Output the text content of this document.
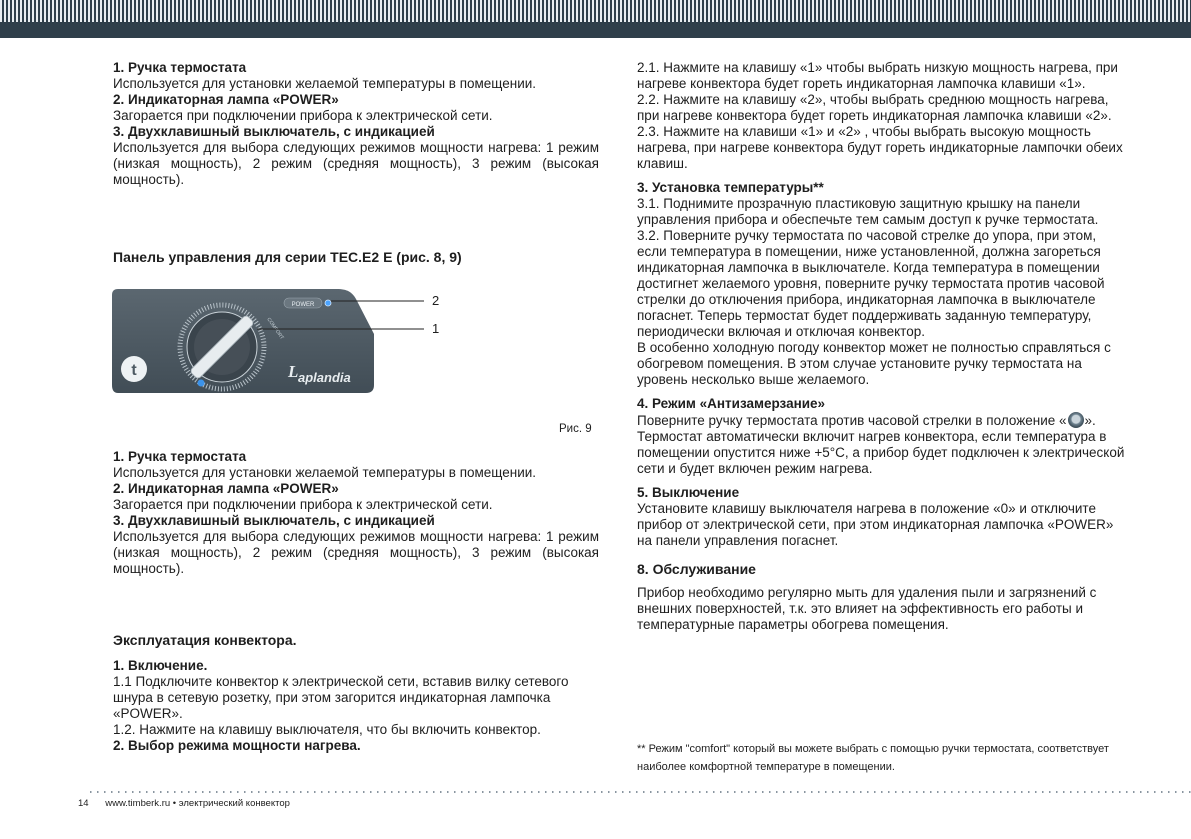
1. Ручка термостата

Используется для установки желаемой температуры в помещении.

2. Индикаторная лампа «POWER»

Загорается при подключении прибора к электрической сети.

3. Двухклавишный выключатель, с индикацией

Используется для выбора следующих режимов мощности нагрева: 1 режим (низкая мощность), 2 режим (средняя мощность), 3 режим (высокая мощность).

Панель управления для серии TEC.E2 E (рис. 8, 9)

POWER
COMFORT
t	L aplandia
2
1
Рис. 9

1. Ручка термостата

Используется для установки желаемой температуры в помещении.

2. Индикаторная лампа «POWER»

Загорается при подключении прибора к электрической сети.

3. Двухклавишный выключатель, с индикацией

Используется для выбора следующих режимов мощности нагрева: 1 режим (низкая мощность), 2 режим (средняя мощность), 3 режим (высокая мощность).

Эксплуатация конвектора.

1. Включение.

1.1 Подключите конвектор к электрической сети, вставив вилку сетевого шнура в сетевую розетку, при этом загорится индикаторная лампочка «POWER».

1.2. Нажмите на клавишу выключателя, что бы включить конвектор.

2. Выбор режима мощности нагрева.

2.1. Нажмите на клавишу «1» чтобы выбрать низкую мощность нагрева, при нагреве конвектора будет гореть индикаторная лампочка клавиши «1».

2.2. Нажмите на клавишу «2», чтобы выбрать среднюю мощность нагрева, при нагреве конвектора будет гореть индикаторная лампочка клавиши «2».

2.3. Нажмите на клавиши «1» и «2» , чтобы выбрать высокую мощность нагрева, при нагреве конвектора будут гореть индикаторные лампочки обеих клавиш.

3. Установка температуры**

3.1. Поднимите прозрачную пластиковую защитную крышку на панели управления прибора и обеспечьте тем самым доступ к ручке термостата.

3.2. Поверните ручку термостата по часовой стрелке до упора, при этом, если температура в помещении, ниже установленной, должна загореться индикаторная лампочка в выключателе. Когда температура в помещении достигнет желаемого уровня, поверните ручку термостата против часовой стрелки до отключения прибора, индикаторная лампочка в выключателе погаснет. Теперь термостат будет поддерживать заданную температуру, периодически включая и отключая конвектор.

В особенно холодную погоду конвектор может не полностью справляться с обогревом помещения. В этом случае установите ручку термостата на уровень несколько выше желаемого.

4. Режим «Антизамерзание»

Поверните ручку термостата против часовой стрелки в положение « ». Термостат автоматически включит нагрев конвектора, если температура в помещении опустится ниже +5°С, а прибор будет подключен к электрической сети и будет включен режим нагрева.

5. Выключение

Установите клавишу выключателя нагрева в положение «0» и отключите прибор от электрической сети, при этом индикаторная лампочка «POWER» на панели управления погаснет.

8. Обслуживание

Прибор необходимо регулярно мыть для удаления пыли и загрязнений с внешних поверхностей, т.к. это влияет на эффективность его работы и температурные параметры обогрева помещения.

** Режим "comfort" который вы можете выбрать с помощью ручки термостата, соответствует наиболее комфортной температуре в помещении.
14 www.timberk.ru • электрический конвектор
